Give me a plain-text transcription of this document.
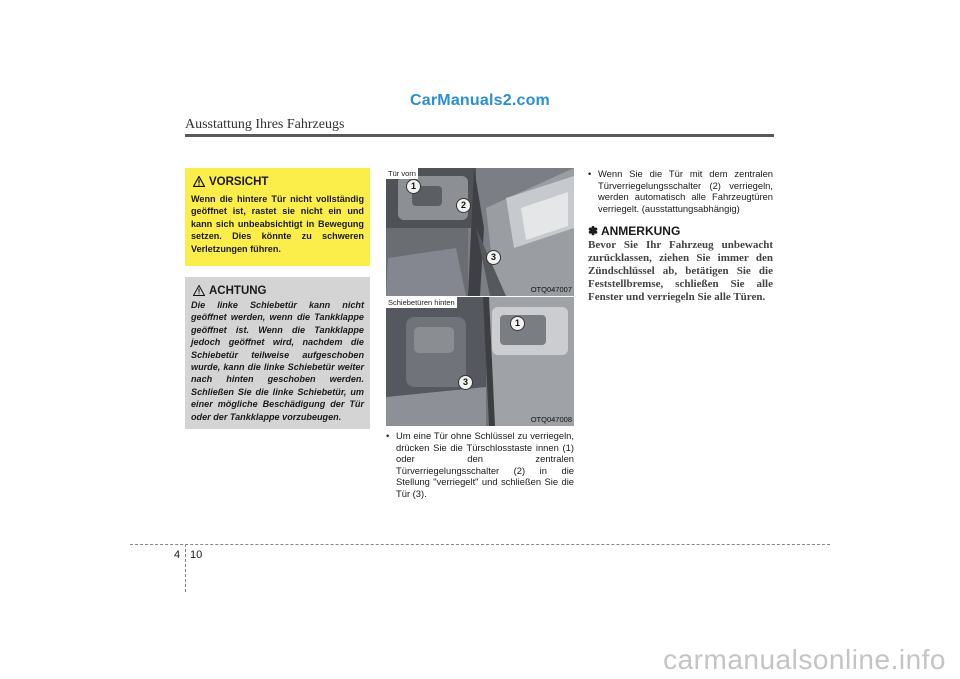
CarManuals2.com
carmanualsonline.info
Ausstattung Ihres Fahrzeugs
VORSICHT
Wenn die hintere Tür nicht vollständig geöffnet ist, rastet sie nicht ein und kann sich unbeabsichtigt in Bewegung setzen. Dies könnte zu schweren Verletzungen führen.
ACHTUNG
Die linke Schiebetür kann nicht geöffnet werden, wenn die Tankklappe geöffnet ist. Wenn die Tankklappe jedoch geöffnet wird, nachdem die Schiebetür teilweise aufgeschoben wurde, kann die linke Schiebetür weiter nach hinten geschoben werden. Schließen Sie die linke Schiebetür, um einer mögliche Beschädigung der Tür oder der Tankklappe vorzubeugen.
1
2
3
Tür vorn
OTQ047007
1
3
Schiebetüren hinten
OTQ047008
• Um eine Tür ohne Schlüssel zu verriegeln, drücken Sie die Türschlosstaste innen (1) oder den zentralen Türverriegelungsschalter (2) in die Stellung "verriegelt" und schließen Sie die Tür (3).
• Wenn Sie die Tür mit dem zentralen Türverriegelungsschalter (2) verriegeln, werden automatisch alle Fahrzeugtüren verriegelt. (ausstattungsabhängig)
✽ ANMERKUNG
Bevor Sie Ihr Fahrzeug unbewacht zurücklassen, ziehen Sie immer den Zündschlüssel ab, betätigen Sie die Feststellbremse, schließen Sie alle Fenster und verriegeln Sie alle Türen.
4 10
